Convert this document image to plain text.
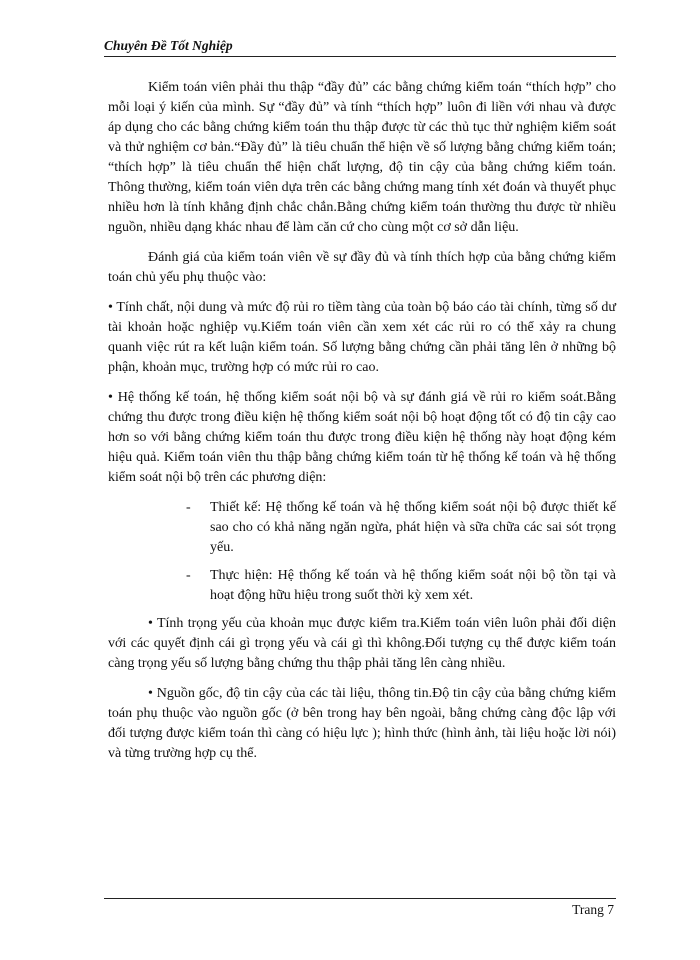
Chuyên Đề Tốt Nghiệp

Kiểm toán viên phải thu thập “đầy đủ” các bằng chứng kiểm toán “thích hợp” cho mỗi loại ý kiến của mình. Sự “đầy đủ” và tính “thích hợp” luôn đi liền với nhau và được áp dụng cho các bằng chứng kiểm toán thu thập được từ các thủ tục thử nghiệm kiểm soát và thử nghiệm cơ bản.“Đầy đủ” là tiêu chuẩn thể hiện về số lượng bằng chứng kiểm toán; “thích hợp” là tiêu chuẩn thể hiện chất lượng, độ tin cậy của bằng chứng kiểm toán. Thông thường, kiểm toán viên dựa trên các bằng chứng mang tính xét đoán và thuyết phục nhiều hơn là tính khẳng định chắc chắn.Bằng chứng kiểm toán thường thu được từ nhiều nguồn, nhiều dạng khác nhau để làm căn cứ cho cùng một cơ sở dẫn liệu.

Đánh giá của kiểm toán viên về sự đầy đủ và tính thích hợp của bằng chứng kiểm toán chủ yếu phụ thuộc vào:

• Tính chất, nội dung và mức độ rủi ro tiềm tàng của toàn bộ báo cáo tài chính, từng số dư tài khoản hoặc nghiệp vụ.Kiểm toán viên cần xem xét các rủi ro có thể xảy ra chung quanh việc rút ra kết luận kiểm toán. Số lượng bằng chứng cần phải tăng lên ở những bộ phận, khoản mục, trường hợp có mức rủi ro cao.

• Hệ thống kế toán, hệ thống kiểm soát nội bộ và sự đánh giá về rủi ro kiểm soát.Bằng chứng thu được trong điều kiện hệ thống kiểm soát nội bộ hoạt động tốt có độ tin cậy cao hơn so với bằng chứng kiểm toán thu được trong điều kiện hệ thống này hoạt động kém hiệu quả. Kiểm toán viên thu thập bằng chứng kiểm toán từ hệ thống kế toán và hệ thống kiểm soát nội bộ trên các phương diện:

-	Thiết kế: Hệ thống kế toán và hệ thống kiểm soát nội bộ được thiết kế sao cho có khả năng ngăn ngừa, phát hiện và sữa chữa các sai sót trọng yếu.
-	Thực hiện: Hệ thống kế toán và hệ thống kiểm soát nội bộ tồn tại và hoạt động hữu hiệu trong suốt thời kỳ xem xét.

• Tính trọng yếu của khoản mục được kiểm tra.Kiểm toán viên luôn phải đối diện với các quyết định cái gì trọng yếu và cái gì thì không.Đối tượng cụ thể được kiểm toán càng trọng yếu số lượng bằng chứng thu thập phải tăng lên càng nhiều.

• Nguồn gốc, độ tin cậy của các tài liệu, thông tin.Độ tin cậy của bằng chứng kiểm toán phụ thuộc vào nguồn gốc (ở bên trong hay bên ngoài, bằng chứng càng độc lập với đối tượng được kiểm toán thì càng có hiệu lực ); hình thức (hình ảnh, tài liệu hoặc lời nói) và từng trường hợp cụ thể.

Trang 7
